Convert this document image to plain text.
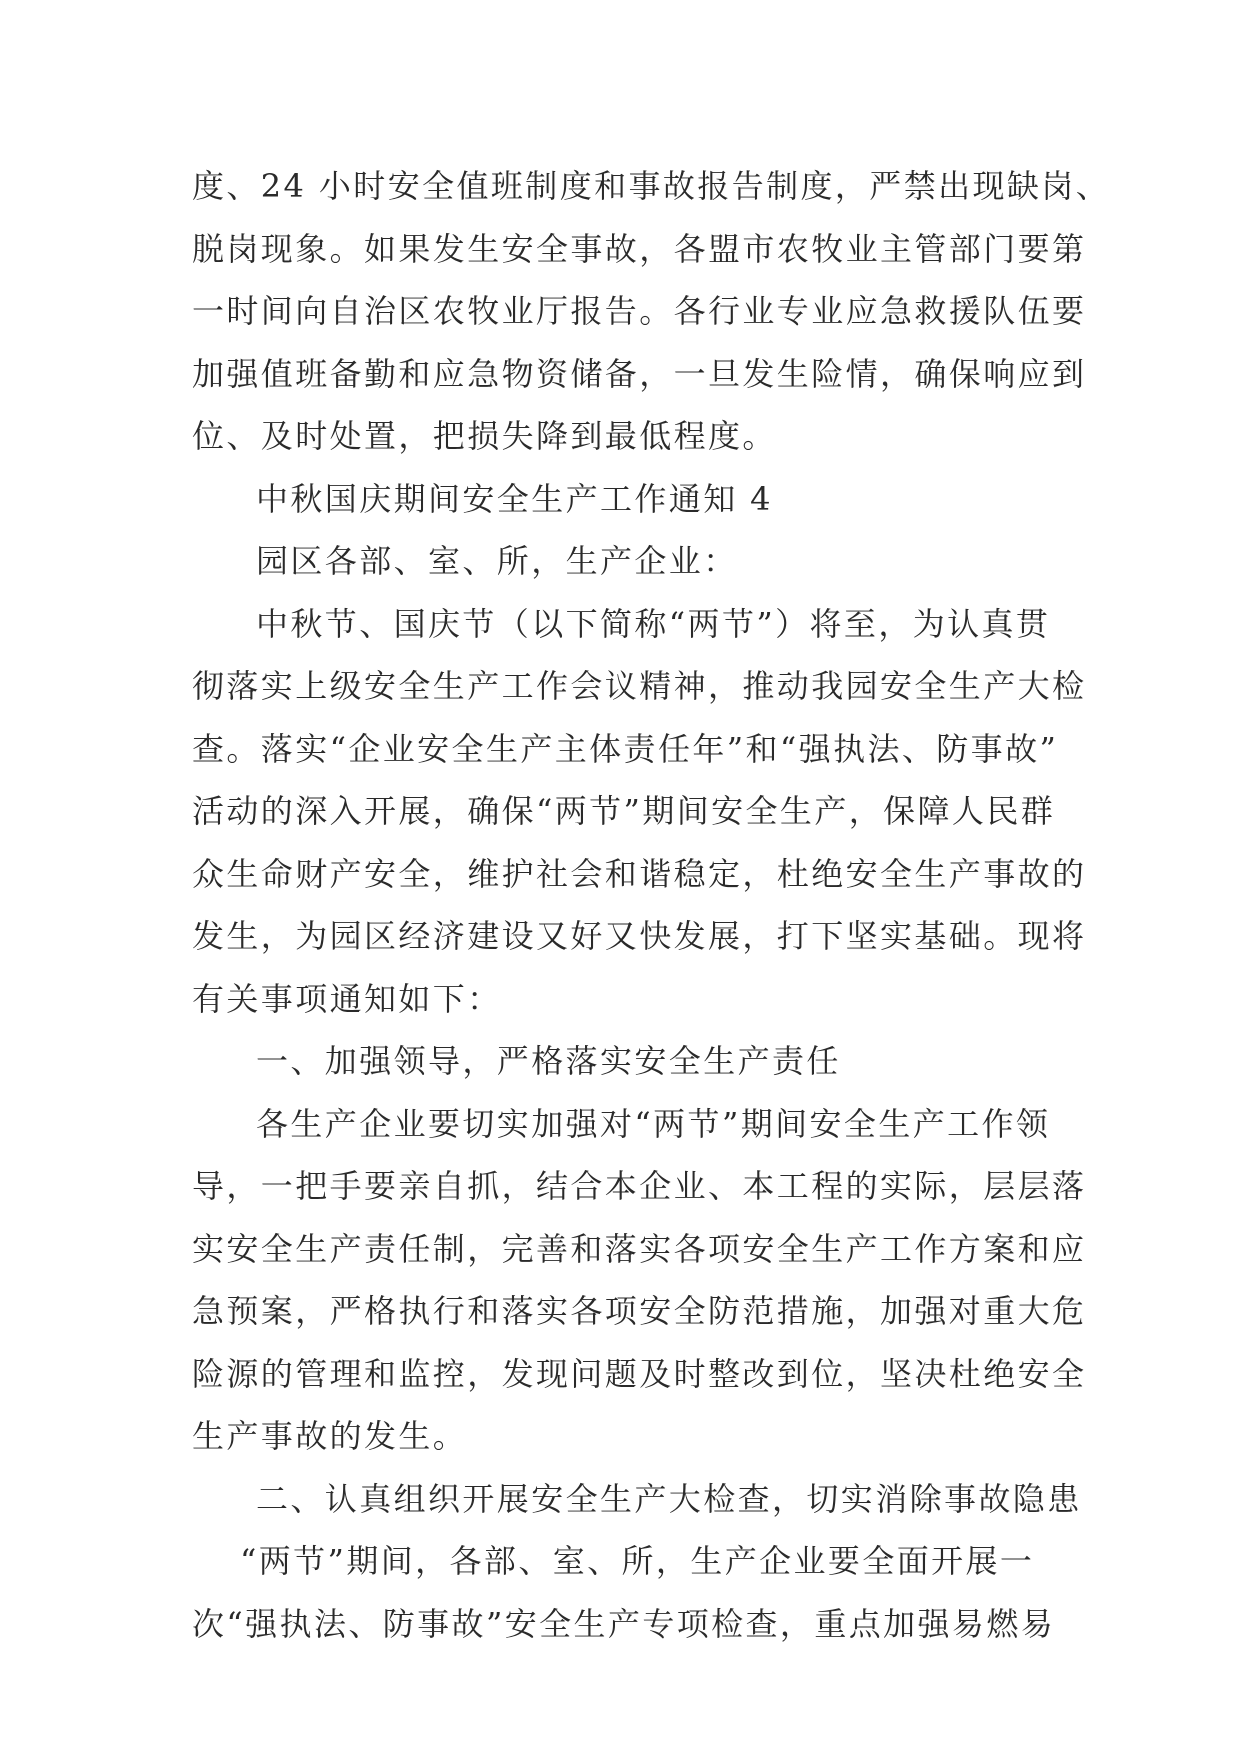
度、24 小时安全值班制度和事故报告制度，严禁出现缺岗、
脱岗现象。如果发生安全事故，各盟市农牧业主管部门要第
一时间向自治区农牧业厅报告。各行业专业应急救援队伍要
加强值班备勤和应急物资储备，一旦发生险情，确保响应到
位、及时处置，把损失降到最低程度。
中秋国庆期间安全生产工作通知 4
园区各部、室、所，生产企业：
中秋节、国庆节（以下简称“两节”）将至，为认真贯
彻落实上级安全生产工作会议精神，推动我园安全生产大检
查。落实“企业安全生产主体责任年”和“强执法、防事故”
活动的深入开展，确保“两节”期间安全生产，保障人民群
众生命财产安全，维护社会和谐稳定，杜绝安全生产事故的
发生，为园区经济建设又好又快发展，打下坚实基础。现将
有关事项通知如下：
一、加强领导，严格落实安全生产责任
各生产企业要切实加强对“两节”期间安全生产工作领
导，一把手要亲自抓，结合本企业、本工程的实际，层层落
实安全生产责任制，完善和落实各项安全生产工作方案和应
急预案，严格执行和落实各项安全防范措施，加强对重大危
险源的管理和监控，发现问题及时整改到位，坚决杜绝安全
生产事故的发生。
二、认真组织开展安全生产大检查，切实消除事故隐患
“两节”期间，各部、室、所，生产企业要全面开展一
次“强执法、防事故”安全生产专项检查，重点加强易燃易
